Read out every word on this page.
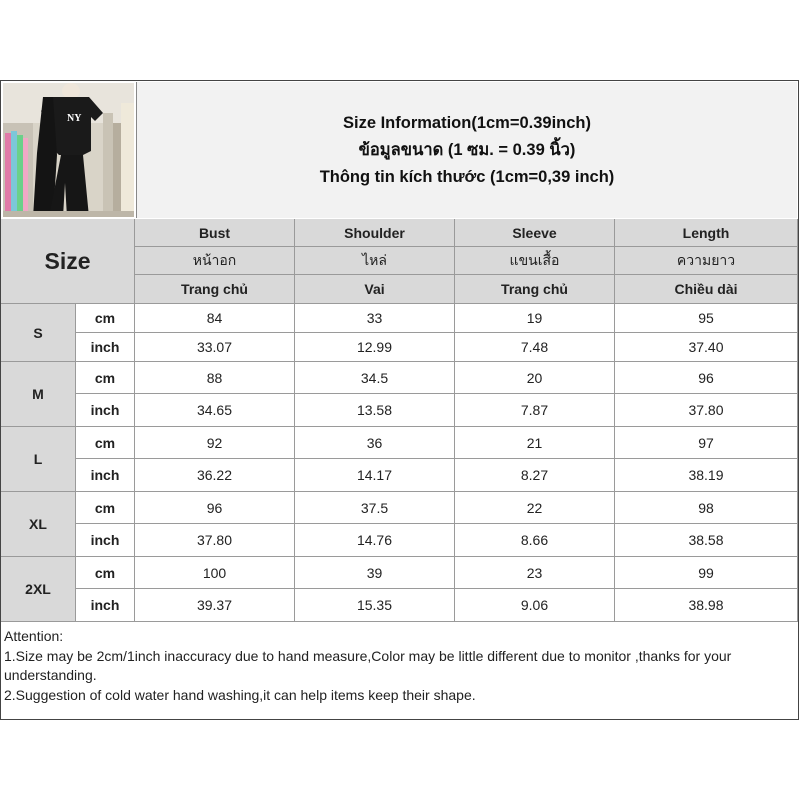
NY	Size Information(1cm=0.39inch)
ข้อมูลขนาด (1 ซม. = 0.39 นิ้ว)
Thông tin kích thước (1cm=0,39 inch)
Size
Bust	Shoulder	Sleeve	Length
หน้าอก	ไหล่	แขนเสื้อ	ความยาว
Trang chủ	Vai	Trang chủ	Chiều dài
S
cm	84	33	19	95
inch	33.07	12.99	7.48	37.40
M
cm	88	34.5	20	96
inch	34.65	13.58	7.87	37.80
L
cm	92	36	21	97
inch	36.22	14.17	8.27	38.19
XL
cm	96	37.5	22	98
inch	37.80	14.76	8.66	38.58
2XL
cm	100	39	23	99
inch	39.37	15.35	9.06	38.98
Attention:
1.Size may be 2cm/1inch inaccuracy due to hand measure,Color may be little different due to monitor ,thanks for your understanding.
2.Suggestion of cold water hand washing,it can help items keep their shape.
